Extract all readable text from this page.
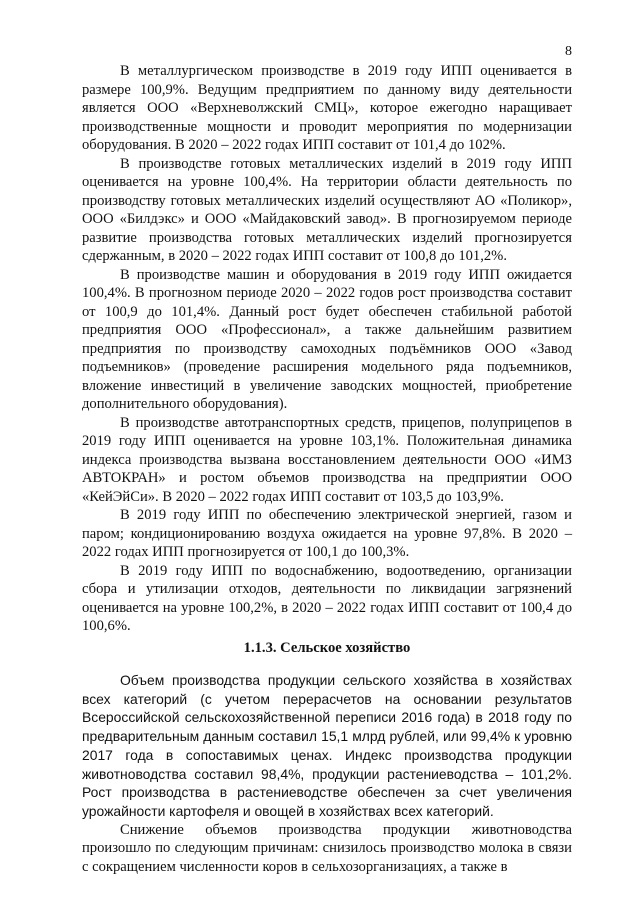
8

В металлургическом производстве в 2019 году ИПП оценивается в размере 100,9%. Ведущим предприятием по данному виду деятельности является ООО «Верхневолжский СМЦ», которое ежегодно наращивает производственные мощности и проводит мероприятия по модернизации оборудования. В 2020 – 2022 годах ИПП составит от 101,4 до 102%.

В производстве готовых металлических изделий в 2019 году ИПП оценивается на уровне 100,4%. На территории области деятельность по производству готовых металлических изделий осуществляют АО «Поликор», ООО «Билдэкс» и ООО «Майдаковский завод». В прогнозируемом периоде развитие производства готовых металлических изделий прогнозируется сдержанным, в 2020 – 2022 годах ИПП составит от 100,8 до 101,2%.

В производстве машин и оборудования в 2019 году ИПП ожидается 100,4%. В прогнозном периоде 2020 – 2022 годов рост производства составит от 100,9 до 101,4%. Данный рост будет обеспечен стабильной работой предприятия ООО «Профессионал», а также дальнейшим развитием предприятия по производству самоходных подъёмников ООО «Завод подъемников» (проведение расширения модельного ряда подъемников, вложение инвестиций в увеличение заводских мощностей, приобретение дополнительного оборудования).

В производстве автотранспортных средств, прицепов, полуприцепов в 2019 году ИПП оценивается на уровне 103,1%. Положительная динамика индекса производства вызвана восстановлением деятельности ООО «ИМЗ АВТОКРАН» и ростом объемов производства на предприятии ООО «КейЭйСи». В 2020 – 2022 годах ИПП составит от 103,5 до 103,9%.

В 2019 году ИПП по обеспечению электрической энергией, газом и паром; кондиционированию воздуха ожидается на уровне 97,8%. В 2020 – 2022 годах ИПП прогнозируется от 100,1 до 100,3%.

В 2019 году ИПП по водоснабжению, водоотведению, организации сбора и утилизации отходов, деятельности по ликвидации загрязнений оценивается на уровне 100,2%, в 2020 – 2022 годах ИПП составит от 100,4 до 100,6%.

1.1.3. Сельское хозяйство

Объем производства продукции сельского хозяйства в хозяйствах всех категорий (с учетом перерасчетов на основании результатов Всероссийской сельскохозяйственной переписи 2016 года) в 2018 году по предварительным данным составил 15,1 млрд рублей, или 99,4% к уровню 2017 года в сопоставимых ценах. Индекс производства продукции животноводства составил 98,4%, продукции растениеводства – 101,2%. Рост производства в растениеводстве обеспечен за счет увеличения урожайности картофеля и овощей в хозяйствах всех категорий.

Снижение объемов производства продукции животноводства произошло по следующим причинам: снизилось производство молока в связи с сокращением численности коров в сельхозорганизациях, а также в
